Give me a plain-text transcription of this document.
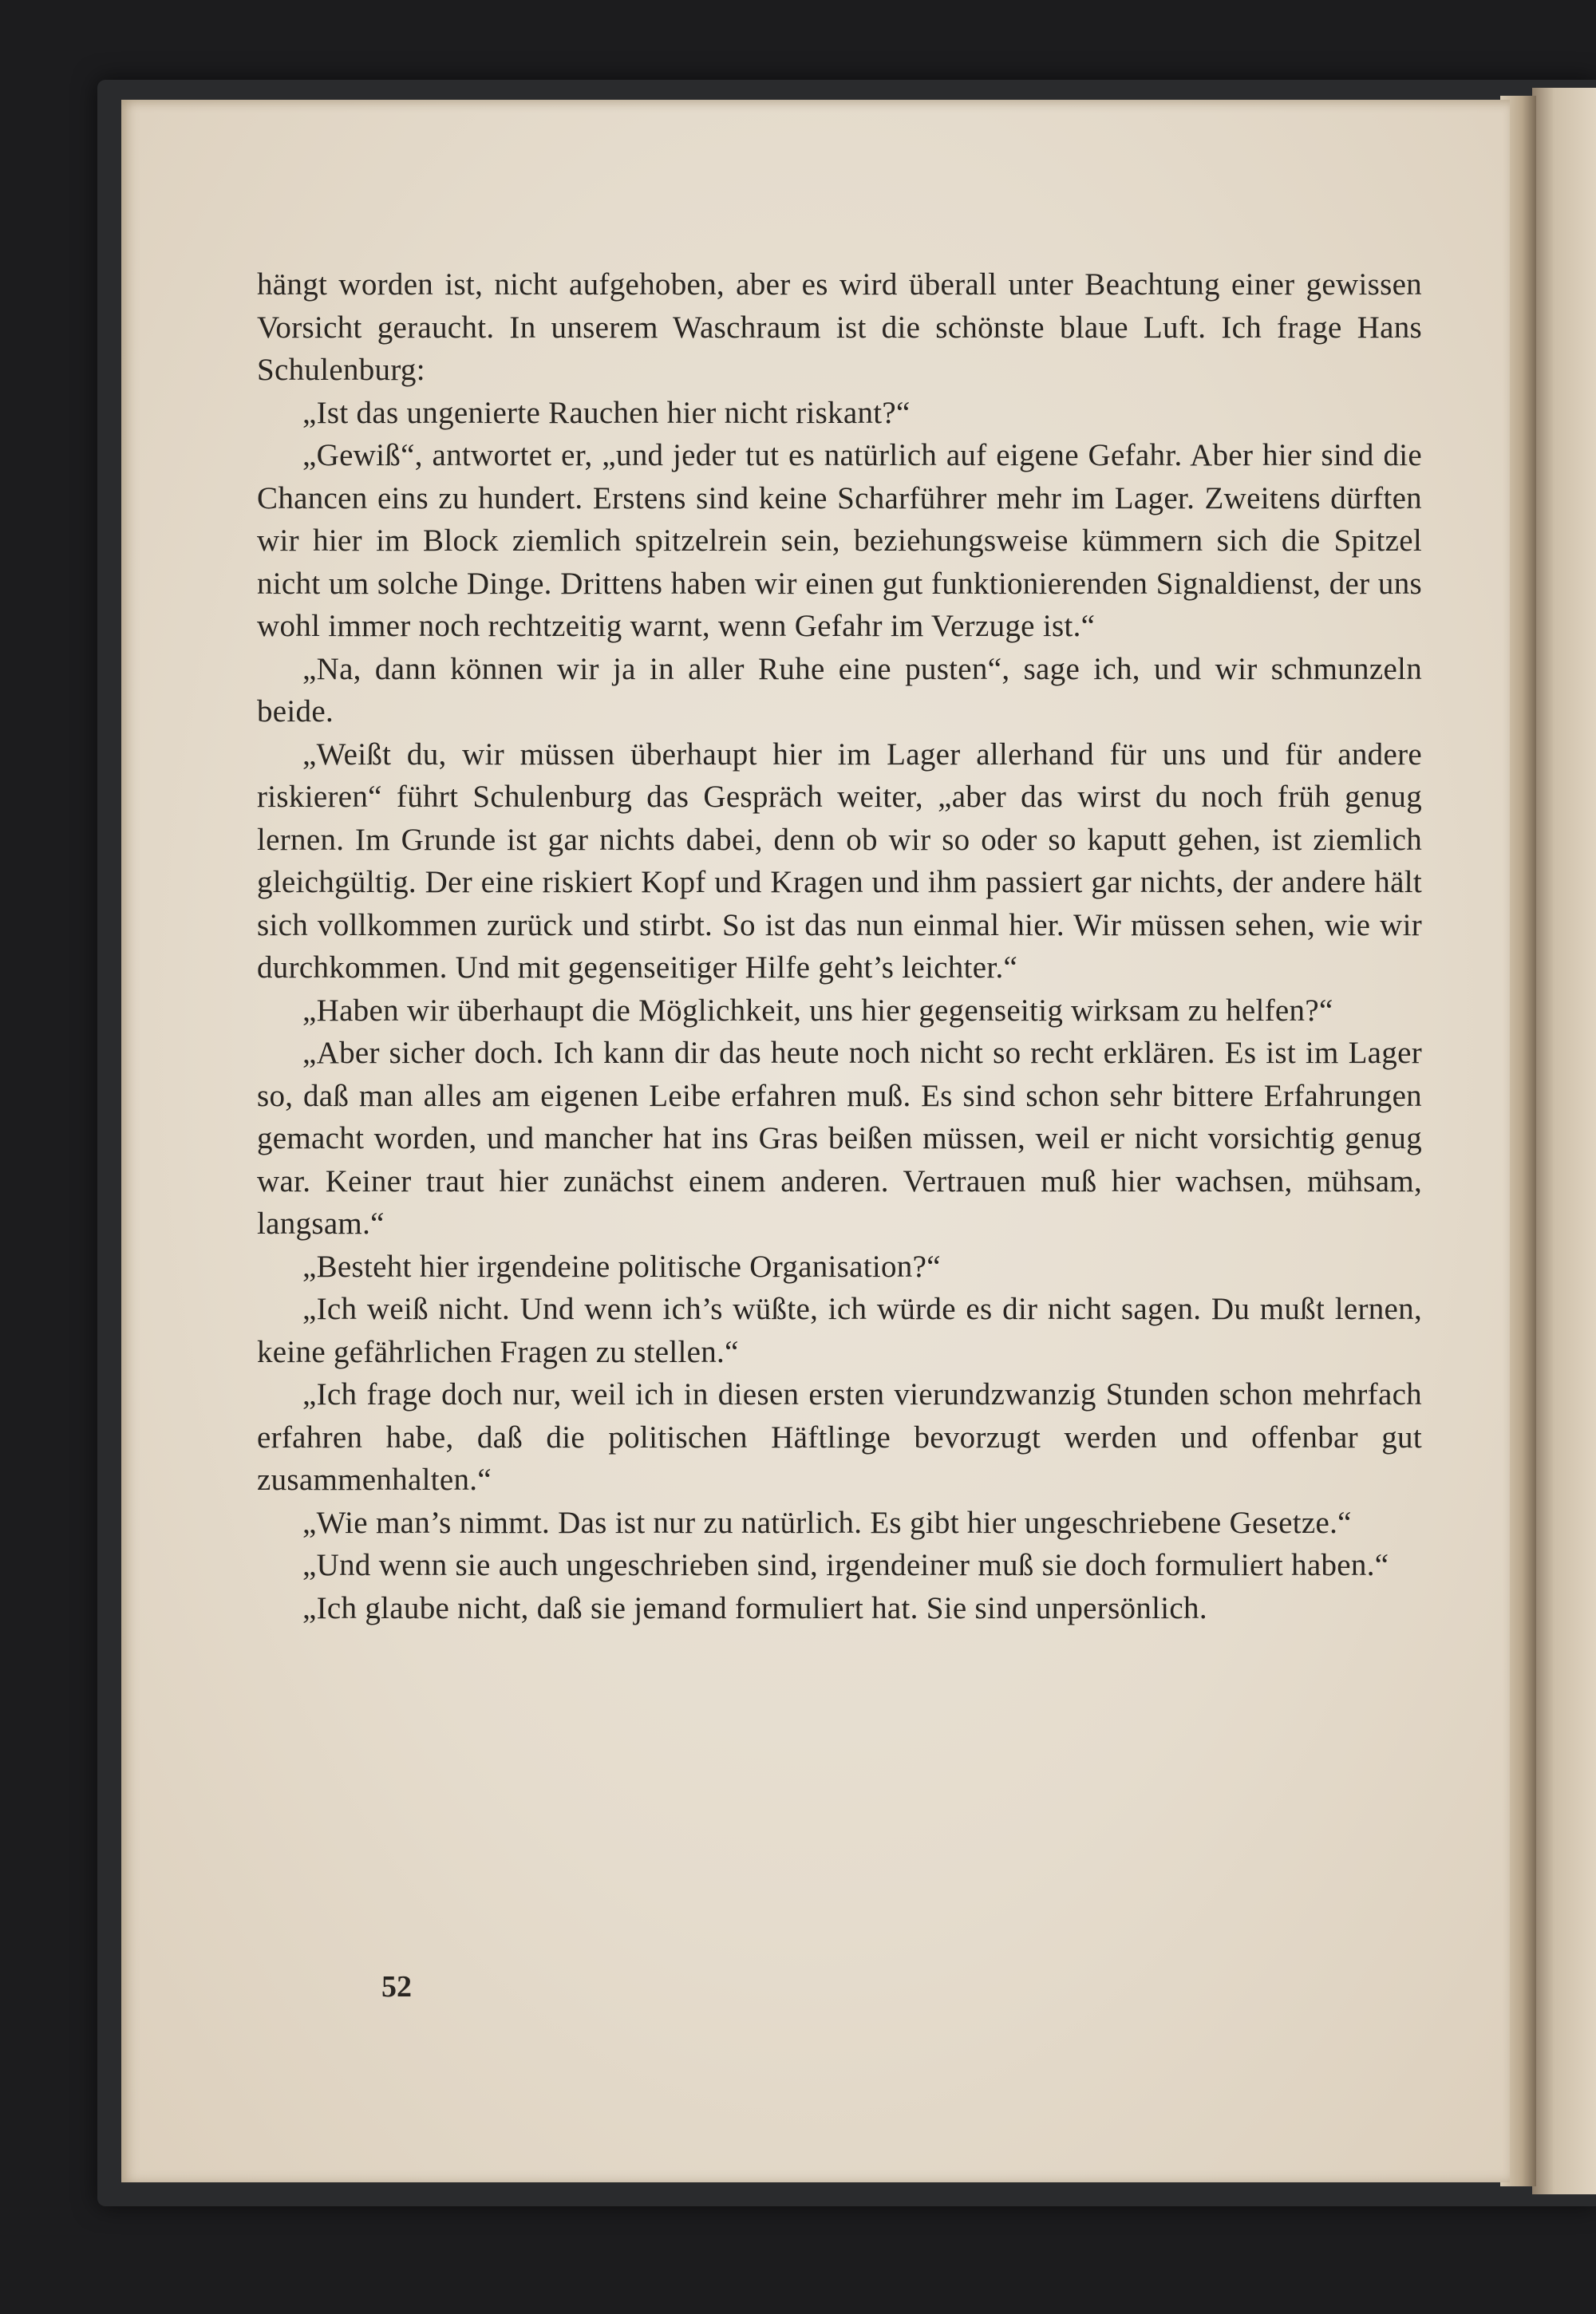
hängt worden ist, nicht aufgehoben, aber es wird überall unter Beachtung einer gewissen Vorsicht geraucht. In unserem Waschraum ist die schönste blaue Luft. Ich frage Hans Schulenburg:

„Ist das ungenierte Rauchen hier nicht riskant?“

„Gewiß“, antwortet er, „und jeder tut es natürlich auf eigene Gefahr. Aber hier sind die Chancen eins zu hundert. Erstens sind keine Scharführer mehr im Lager. Zweitens dürften wir hier im Block ziemlich spitzelrein sein, beziehungsweise kümmern sich die Spitzel nicht um solche Dinge. Drittens haben wir einen gut funktionierenden Signaldienst, der uns wohl immer noch rechtzeitig warnt, wenn Gefahr im Verzuge ist.“

„Na, dann können wir ja in aller Ruhe eine pusten“, sage ich, und wir schmunzeln beide.

„Weißt du, wir müssen überhaupt hier im Lager allerhand für uns und für andere riskieren“ führt Schulenburg das Gespräch weiter, „aber das wirst du noch früh genug lernen. Im Grunde ist gar nichts dabei, denn ob wir so oder so kaputt gehen, ist ziemlich gleichgültig. Der eine riskiert Kopf und Kragen und ihm passiert gar nichts, der andere hält sich vollkommen zurück und stirbt. So ist das nun einmal hier. Wir müssen sehen, wie wir durchkommen. Und mit gegenseitiger Hilfe geht’s leichter.“

„Haben wir überhaupt die Möglichkeit, uns hier gegenseitig wirksam zu helfen?“

„Aber sicher doch. Ich kann dir das heute noch nicht so recht erklären. Es ist im Lager so, daß man alles am eigenen Leibe erfahren muß. Es sind schon sehr bittere Erfahrungen gemacht worden, und mancher hat ins Gras beißen müssen, weil er nicht vorsichtig genug war. Keiner traut hier zunächst einem anderen. Vertrauen muß hier wachsen, mühsam, langsam.“

„Besteht hier irgendeine politische Organisation?“

„Ich weiß nicht. Und wenn ich’s wüßte, ich würde es dir nicht sagen. Du mußt lernen, keine gefährlichen Fragen zu stellen.“

„Ich frage doch nur, weil ich in diesen ersten vierundzwanzig Stunden schon mehrfach erfahren habe, daß die politischen Häftlinge bevorzugt werden und offenbar gut zusammenhalten.“

„Wie man’s nimmt. Das ist nur zu natürlich. Es gibt hier ungeschriebene Gesetze.“

„Und wenn sie auch ungeschrieben sind, irgendeiner muß sie doch formuliert haben.“

„Ich glaube nicht, daß sie jemand formuliert hat. Sie sind unpersönlich.

52
